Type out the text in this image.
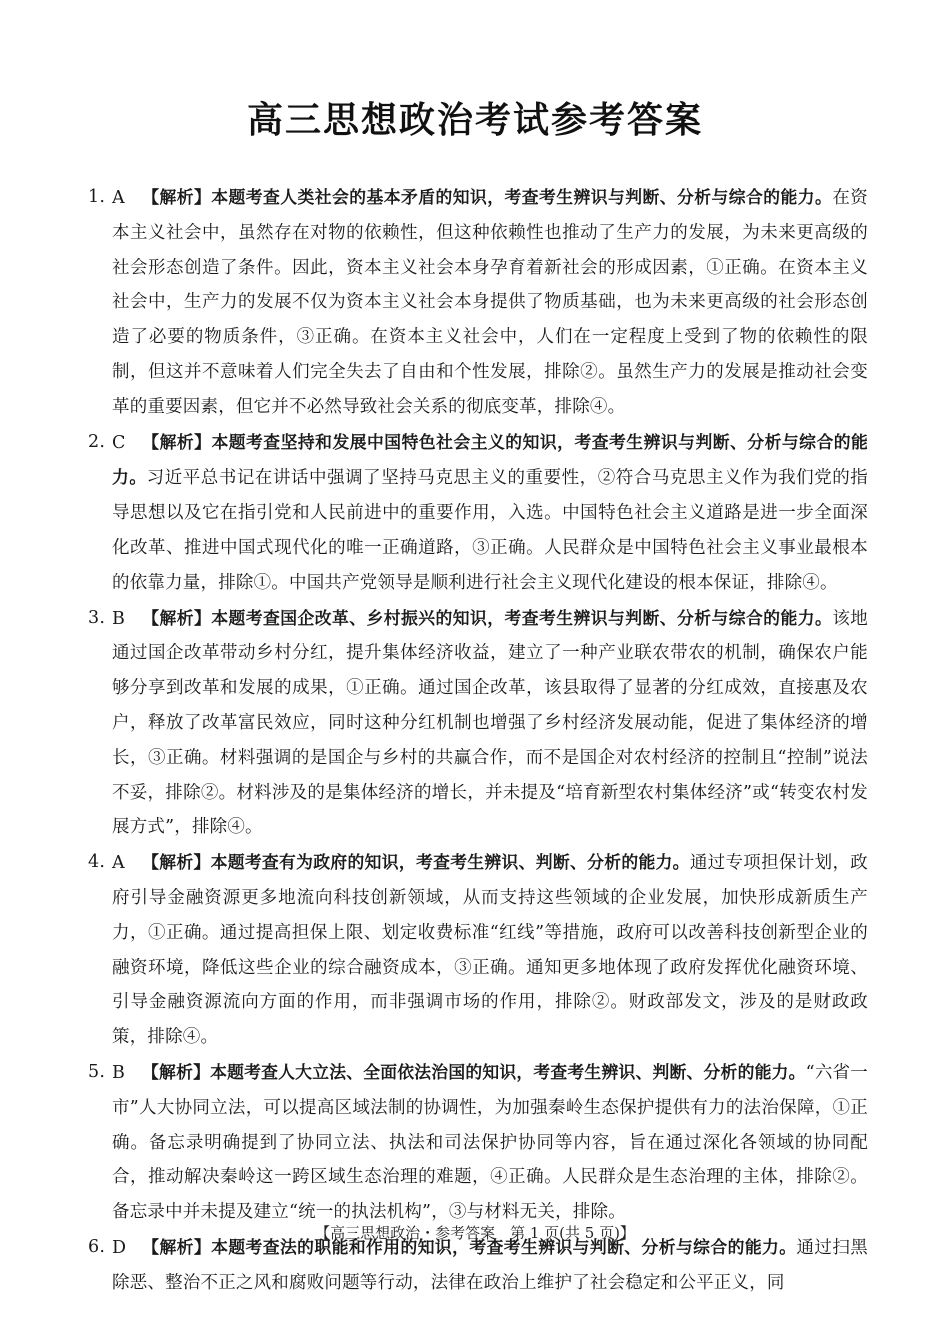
高三思想政治考试参考答案
1. A 【解析】本题考查人类社会的基本矛盾的知识，考查考生辨识与判断、分析与综合的能力。在资本主义社会中，虽然存在对物的依赖性，但这种依赖性也推动了生产力的发展，为未来更高级的社会形态创造了条件。因此，资本主义社会本身孕育着新社会的形成因素，①正确。在资本主义社会中，生产力的发展不仅为资本主义社会本身提供了物质基础，也为未来更高级的社会形态创造了必要的物质条件，③正确。在资本主义社会中，人们在一定程度上受到了物的依赖性的限制，但这并不意味着人们完全失去了自由和个性发展，排除②。虽然生产力的发展是推动社会变革的重要因素，但它并不必然导致社会关系的彻底变革，排除④。
2. C 【解析】本题考查坚持和发展中国特色社会主义的知识，考查考生辨识与判断、分析与综合的能力。习近平总书记在讲话中强调了坚持马克思主义的重要性，②符合马克思主义作为我们党的指导思想以及它在指引党和人民前进中的重要作用，入选。中国特色社会主义道路是进一步全面深化改革、推进中国式现代化的唯一正确道路，③正确。人民群众是中国特色社会主义事业最根本的依靠力量，排除①。中国共产党领导是顺利进行社会主义现代化建设的根本保证，排除④。
3. B 【解析】本题考查国企改革、乡村振兴的知识，考查考生辨识与判断、分析与综合的能力。该地通过国企改革带动乡村分红，提升集体经济收益，建立了一种产业联农带农的机制，确保农户能够分享到改革和发展的成果，①正确。通过国企改革，该县取得了显著的分红成效，直接惠及农户，释放了改革富民效应，同时这种分红机制也增强了乡村经济发展动能，促进了集体经济的增长，③正确。材料强调的是国企与乡村的共赢合作，而不是国企对农村经济的控制且“控制”说法不妥，排除②。材料涉及的是集体经济的增长，并未提及“培育新型农村集体经济”或“转变农村发展方式”，排除④。
4. A 【解析】本题考查有为政府的知识，考查考生辨识、判断、分析的能力。通过专项担保计划，政府引导金融资源更多地流向科技创新领域，从而支持这些领域的企业发展，加快形成新质生产力，①正确。通过提高担保上限、划定收费标准“红线”等措施，政府可以改善科技创新型企业的融资环境，降低这些企业的综合融资成本，③正确。通知更多地体现了政府发挥优化融资环境、引导金融资源流向方面的作用，而非强调市场的作用，排除②。财政部发文，涉及的是财政政策，排除④。
5. B 【解析】本题考查人大立法、全面依法治国的知识，考查考生辨识、判断、分析的能力。“六省一市”人大协同立法，可以提高区域法制的协调性，为加强秦岭生态保护提供有力的法治保障，①正确。备忘录明确提到了协同立法、执法和司法保护协同等内容，旨在通过深化各领域的协同配合，推动解决秦岭这一跨区域生态治理的难题，④正确。人民群众是生态治理的主体，排除②。备忘录中并未提及建立“统一的执法机构”，③与材料无关，排除。
6. D 【解析】本题考查法的职能和作用的知识，考查考生辨识与判断、分析与综合的能力。通过扫黑除恶、整治不正之风和腐败问题等行动，法律在政治上维护了社会稳定和公平正义，同
【高三思想政治・参考答案　第 1 页(共 5 页)】
